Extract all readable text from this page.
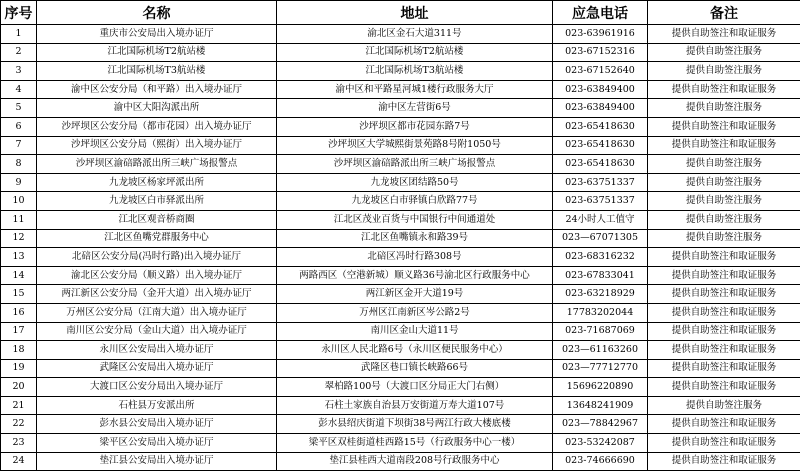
序号	名称	地址	应急电话	备注
1	重庆市公安局出入境办证厅	渝北区金石大道311号	023-63961916	提供自助签注和取证服务
2	江北国际机场T2航站楼	江北国际机场T2航站楼	023-67152316	提供自助签注服务
3	江北国际机场T3航站楼	江北国际机场T3航站楼	023-67152640	提供自助签注服务
4	渝中区公安分局（和平路）出入境办证厅	渝中区和平路星河城1楼行政服务大厅	023-63849400	提供自助签注和取证服务
5	渝中区大阳沟派出所	渝中区左营街6号	023-63849400	提供自助签注服务
6	沙坪坝区公安分局（都市花园）出入境办证厅	沙坪坝区都市花园东路7号	023-65418630	提供自助签注和取证服务
7	沙坪坝区公安分局（熙街）出入境办证厅	沙坪坝区大学城熙街景苑路8号附1050号	023-65418630	提供自助签注和取证服务
8	沙坪坝区渝碚路派出所三峡广场报警点	沙坪坝区渝碚路派出所三峡广场报警点	023-65418630	提供自助签注服务
9	九龙坡区杨家坪派出所	九龙坡区团结路50号	023-63751337	提供自助签注服务
10	九龙坡区白市驿派出所	九龙坡区白市驿镇白欣路77号	023-63751337	提供自助签注服务
11	江北区观音桥商圈	江北区茂业百货与中国银行中间通道处	24小时人工值守	提供自助签注服务
12	江北区鱼嘴党群服务中心	江北区鱼嘴镇永和路39号	023—67071305	提供自助签注服务
13	北碚区公安分局(冯时行路)出入境办证厅	北碚区冯时行路308号	023-68316232	提供自助签注和取证服务
14	渝北区公安分局（顺义路）出入境办证厅	两路西区（空港新城）顺义路36号渝北区行政服务中心	023-67833041	提供自助签注和取证服务
15	两江新区公安分局（金开大道）出入境办证厅	两江新区金开大道19号	023-63218929	提供自助签注和取证服务
16	万州区公安分局（江南大道）出入境办证厅	万州区江南新区岑公路2号	17783202044	提供自助签注和取证服务
17	南川区公安分局（金山大道）出入境办证厅	南川区金山大道11号	023-71687069	提供自助签注和取证服务
18	永川区公安局出入境办证厅	永川区人民北路6号（永川区便民服务中心）	023—61163260	提供自助签注和取证服务
19	武隆区公安局出入境办证厅	武隆区巷口镇长峡路66号	023—77712770	提供自助签注和取证服务
20	大渡口区公安分局出入境办证厅	翠柏路100号（大渡口区分局正大门右侧）	15696220890	提供自助签注和取证服务
21	石柱县万安派出所	石柱土家族自治县万安街道万寿大道107号	13648241909	提供自助签注服务
22	彭水县公安局出入境办证厅	彭水县绍庆街道下坝街38号两江行政大楼底楼	023—78842967	提供自助签注和取证服务
23	梁平区公安局出入境办证厅	梁平区双桂街道桂西路15号（行政服务中心一楼）	023-53242087	提供自助签注和取证服务
24	垫江县公安局出入境办证厅	垫江县桂西大道南段208号行政服务中心	023-74666690	提供自助签注和取证服务
